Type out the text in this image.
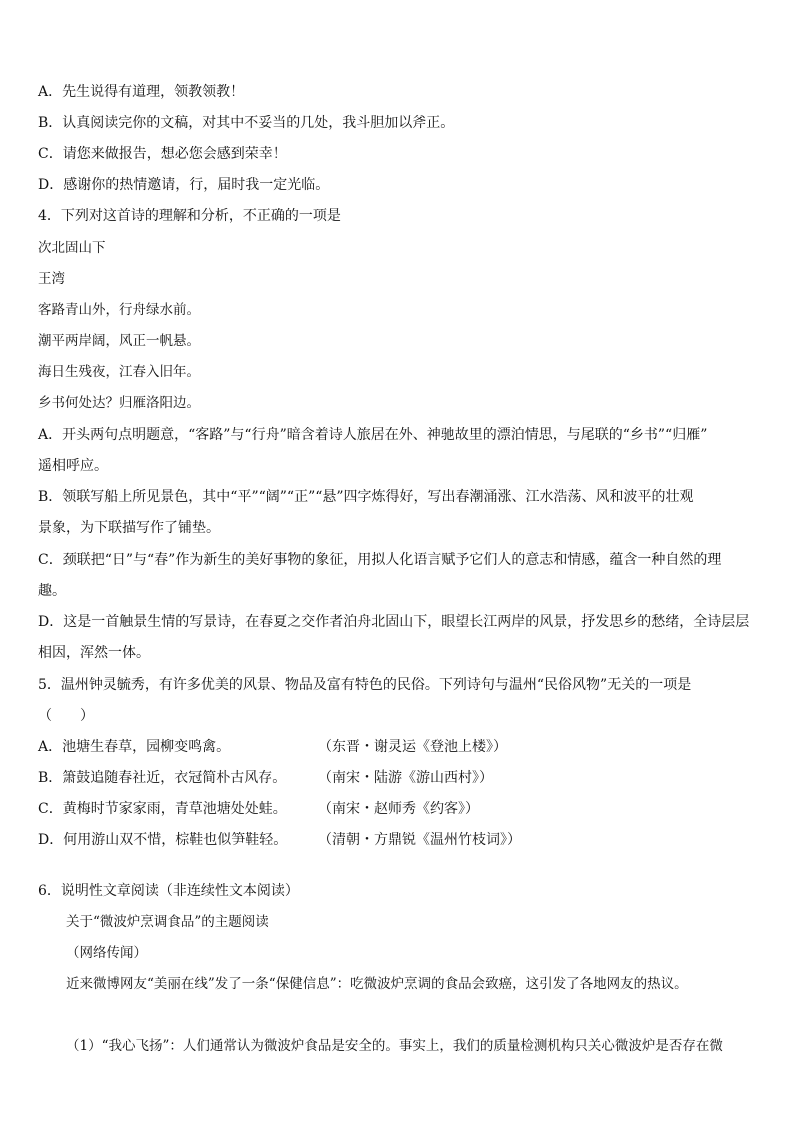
A．先生说得有道理，领教领教！
B．认真阅读完你的文稿，对其中不妥当的几处，我斗胆加以斧正。
C．请您来做报告，想必您会感到荣幸！
D．感谢你的热情邀请，行，届时我一定光临。
4．下列对这首诗的理解和分析，不正确的一项是
次北固山下
王湾
客路青山外，行舟绿水前。
潮平两岸阔，风正一帆悬。
海日生残夜，江春入旧年。
乡书何处达？归雁洛阳边。
A．开头两句点明题意，“客路”与“行舟”暗含着诗人旅居在外、神驰故里的漂泊情思，与尾联的“乡书”“归雁”
遥相呼应。
B．领联写船上所见景色，其中“平”“阔”“正”“悬”四字炼得好，写出春潮涌涨、江水浩荡、风和波平的壮观
景象，为下联描写作了铺垫。
C．颈联把“日”与“春”作为新生的美好事物的象征，用拟人化语言赋予它们人的意志和情感，蕴含一种自然的理
趣。
D．这是一首触景生情的写景诗，在春夏之交作者泊舟北固山下，眼望长江两岸的风景，抒发思乡的愁绪，全诗层层
相因，浑然一体。
5．温州钟灵毓秀，有许多优美的风景、物品及富有特色的民俗。下列诗句与温州“民俗风物”无关的一项是
（　　）
A．池塘生春草，园柳变鸣禽。	（东晋・谢灵运《登池上楼》）
B．箫鼓追随春社近，衣冠简朴古风存。 （南宋・陆游《游山西村》）
C．黄梅时节家家雨，青草池塘处处蛙。 （南宋・赵师秀《约客》）
D．何用游山双不惜，棕鞋也似笋鞋轻。 （清朝・方鼎锐《温州竹枝词》）
6．说明性文章阅读（非连续性文本阅读）
关于“微波炉烹调食品”的主题阅读
（网络传闻）
近来微博网友“美丽在线”发了一条“保健信息”：吃微波炉烹调的食品会致癌，这引发了各地网友的热议。
（1）“我心飞扬”：人们通常认为微波炉食品是安全的。事实上，我们的质量检测机构只关心微波炉是否存在微
